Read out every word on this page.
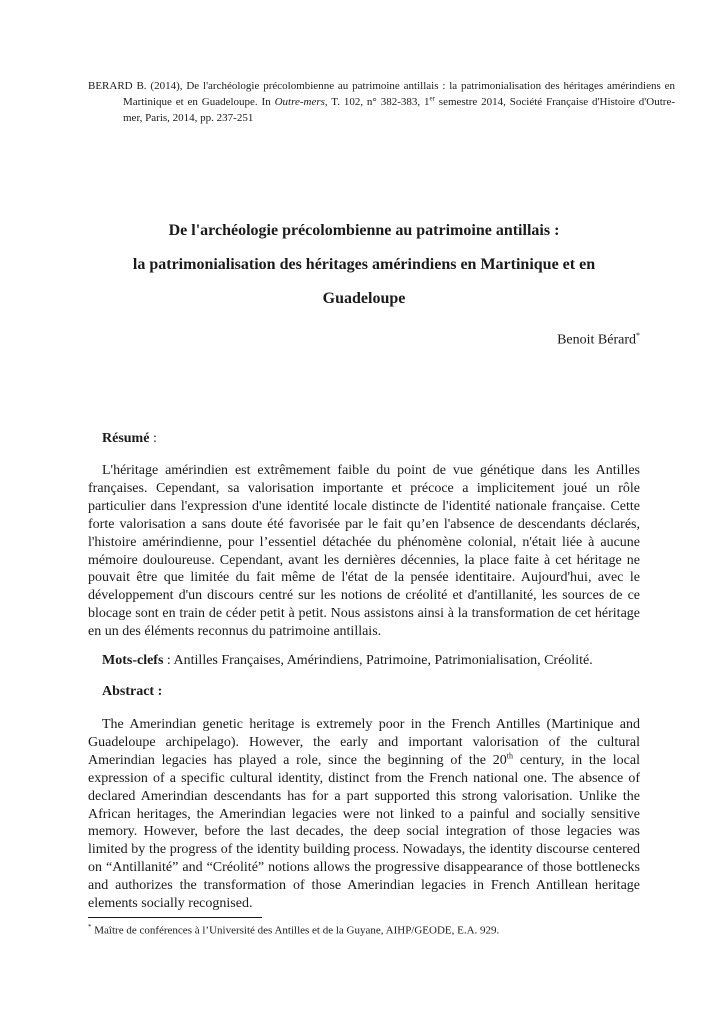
BERARD B. (2014), De l'archéologie précolombienne au patrimoine antillais : la patrimonialisation des héritages amérindiens en Martinique et en Guadeloupe. In Outre-mers, T. 102, n° 382-383, 1er semestre 2014, Société Française d'Histoire d'Outre-mer, Paris, 2014, pp. 237-251
De l'archéologie précolombienne au patrimoine antillais :
la patrimonialisation des héritages amérindiens en Martinique et en
Guadeloupe
Benoit Bérard*
Résumé :
L'héritage amérindien est extrêmement faible du point de vue génétique dans les Antilles françaises. Cependant, sa valorisation importante et précoce a implicitement joué un rôle particulier dans l'expression d'une identité locale distincte de l'identité nationale française. Cette forte valorisation a sans doute été favorisée par le fait qu’en l'absence de descendants déclarés, l'histoire amérindienne, pour l’essentiel détachée du phénomène colonial, n'était liée à aucune mémoire douloureuse. Cependant, avant les dernières décennies, la place faite à cet héritage ne pouvait être que limitée du fait même de l'état de la pensée identitaire. Aujourd'hui, avec le développement d'un discours centré sur les notions de créolité et d'antillanité, les sources de ce blocage sont en train de céder petit à petit. Nous assistons ainsi à la transformation de cet héritage en un des éléments reconnus du patrimoine antillais.
Mots-clefs : Antilles Françaises, Amérindiens, Patrimoine, Patrimonialisation, Créolité.
Abstract :
The Amerindian genetic heritage is extremely poor in the French Antilles (Martinique and Guadeloupe archipelago). However, the early and important valorisation of the cultural Amerindian legacies has played a role, since the beginning of the 20th century, in the local expression of a specific cultural identity, distinct from the French national one. The absence of declared Amerindian descendants has for a part supported this strong valorisation. Unlike the African heritages, the Amerindian legacies were not linked to a painful and socially sensitive memory. However, before the last decades, the deep social integration of those legacies was limited by the progress of the identity building process. Nowadays, the identity discourse centered on “Antillanité” and “Créolité” notions allows the progressive disappearance of those bottlenecks and authorizes the transformation of those Amerindian legacies in French Antillean heritage elements socially recognised.
* Maître de conférences à l’Université des Antilles et de la Guyane, AIHP/GEODE, E.A. 929.
